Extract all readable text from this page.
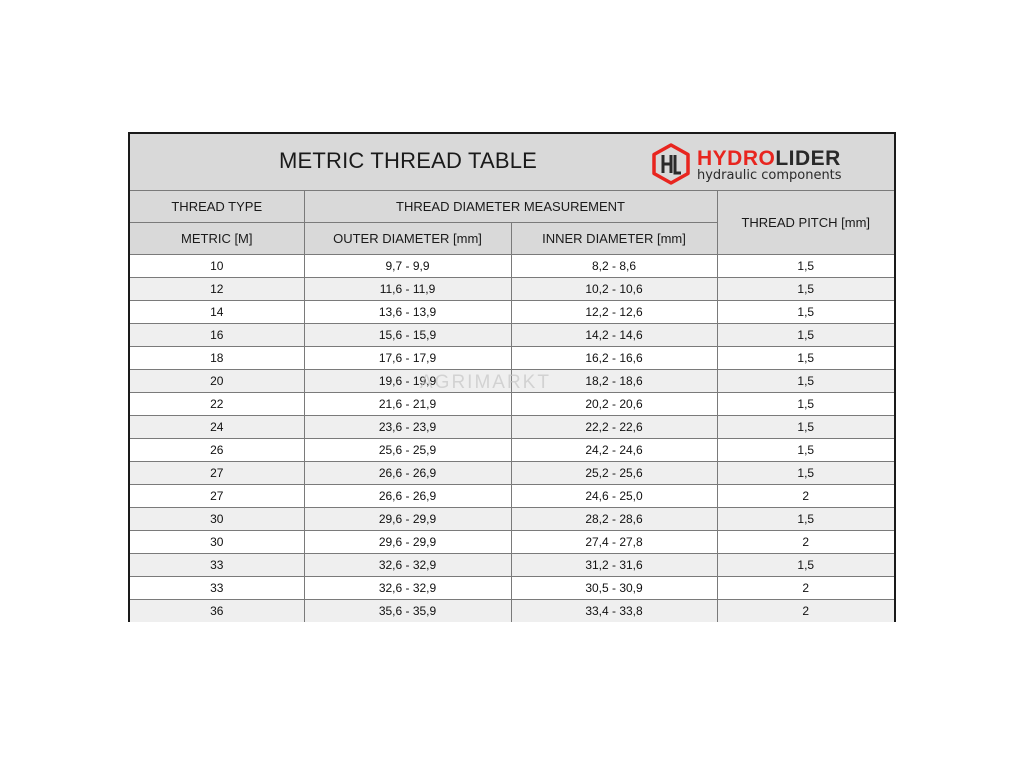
METRIC THREAD TABLE	HYDROLIDER
hydraulic components
THREAD TYPE	THREAD DIAMETER MEASUREMENT		THREAD PITCH [mm]
METRIC [M]	OUTER DIAMETER [mm]	INNER DIAMETER [mm]	
10	9,7 - 9,9	8,2 - 8,6	1,5
12	11,6 - 11,9	10,2 - 10,6	1,5
14	13,6 - 13,9	12,2 - 12,6	1,5
16	15,6 - 15,9	14,2 - 14,6	1,5
18	17,6 - 17,9	16,2 - 16,6	1,5
20	19,6 - 19,9	18,2 - 18,6	1,5
22	21,6 - 21,9	20,2 - 20,6	1,5
24	23,6 - 23,9	22,2 - 22,6	1,5
26	25,6 - 25,9	24,2 - 24,6	1,5
27	26,6 - 26,9	25,2 - 25,6	1,5
27	26,6 - 26,9	24,6 - 25,0	2
30	29,6 - 29,9	28,2 - 28,6	1,5
30	29,6 - 29,9	27,4 - 27,8	2
33	32,6 - 32,9	31,2 - 31,6	1,5
33	32,6 - 32,9	30,5 - 30,9	2
36	35,6 - 35,9	33,4 - 33,8	2
AGRIMARKT
